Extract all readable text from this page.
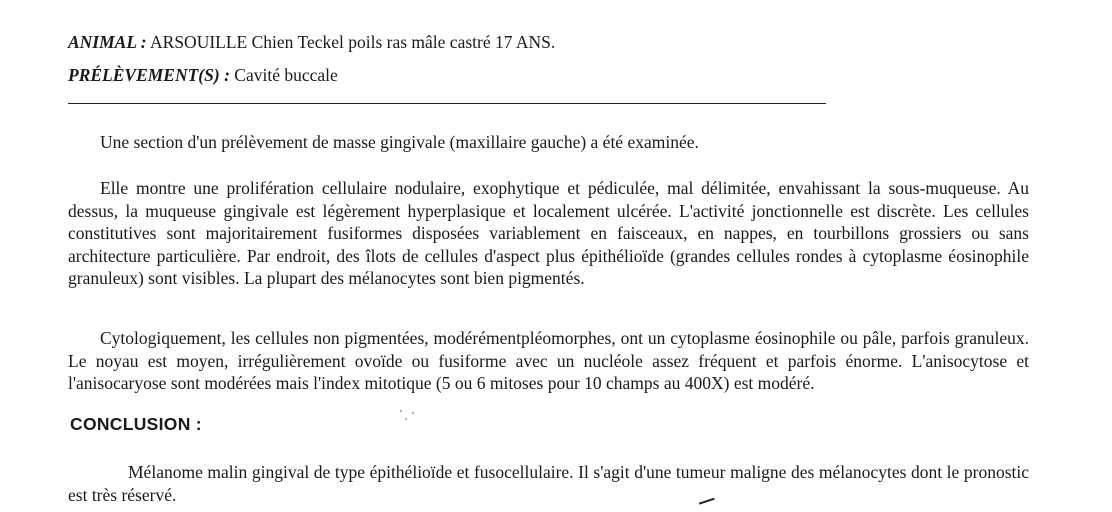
ANIMAL : ARSOUILLE Chien Teckel poils ras mâle castré 17 ANS.
PRÉLÈVEMENT(S) : Cavité buccale
Une section d'un prélèvement de masse gingivale (maxillaire gauche) a été examinée.
Elle montre une prolifération cellulaire nodulaire, exophytique et pédiculée, mal délimitée, envahissant la sous-muqueuse. Au dessus, la muqueuse gingivale est légèrement hyperplasique et localement ulcérée. L'activité jonctionnelle est discrète. Les cellules constitutives sont majoritairement fusiformes disposées variablement en faisceaux, en nappes, en tourbillons grossiers ou sans architecture particulière. Par endroit, des îlots de cellules d'aspect plus épithélioïde (grandes cellules rondes à cytoplasme éosinophile granuleux) sont visibles. La plupart des mélanocytes sont bien pigmentés.
Cytologiquement, les cellules non pigmentées, modérémentpléomorphes, ont un cytoplasme éosinophile ou pâle, parfois granuleux. Le noyau est moyen, irrégulièrement ovoïde ou fusiforme avec un nucléole assez fréquent et parfois énorme. L'anisocytose et l'anisocaryose sont modérées mais l'index mitotique (5 ou 6 mitoses pour 10 champs au 400X) est modéré.
CONCLUSION :
Mélanome malin gingival de type épithélioïde et fusocellulaire. Il s'agit d'une tumeur maligne des mélanocytes dont le pronostic est très réservé.
